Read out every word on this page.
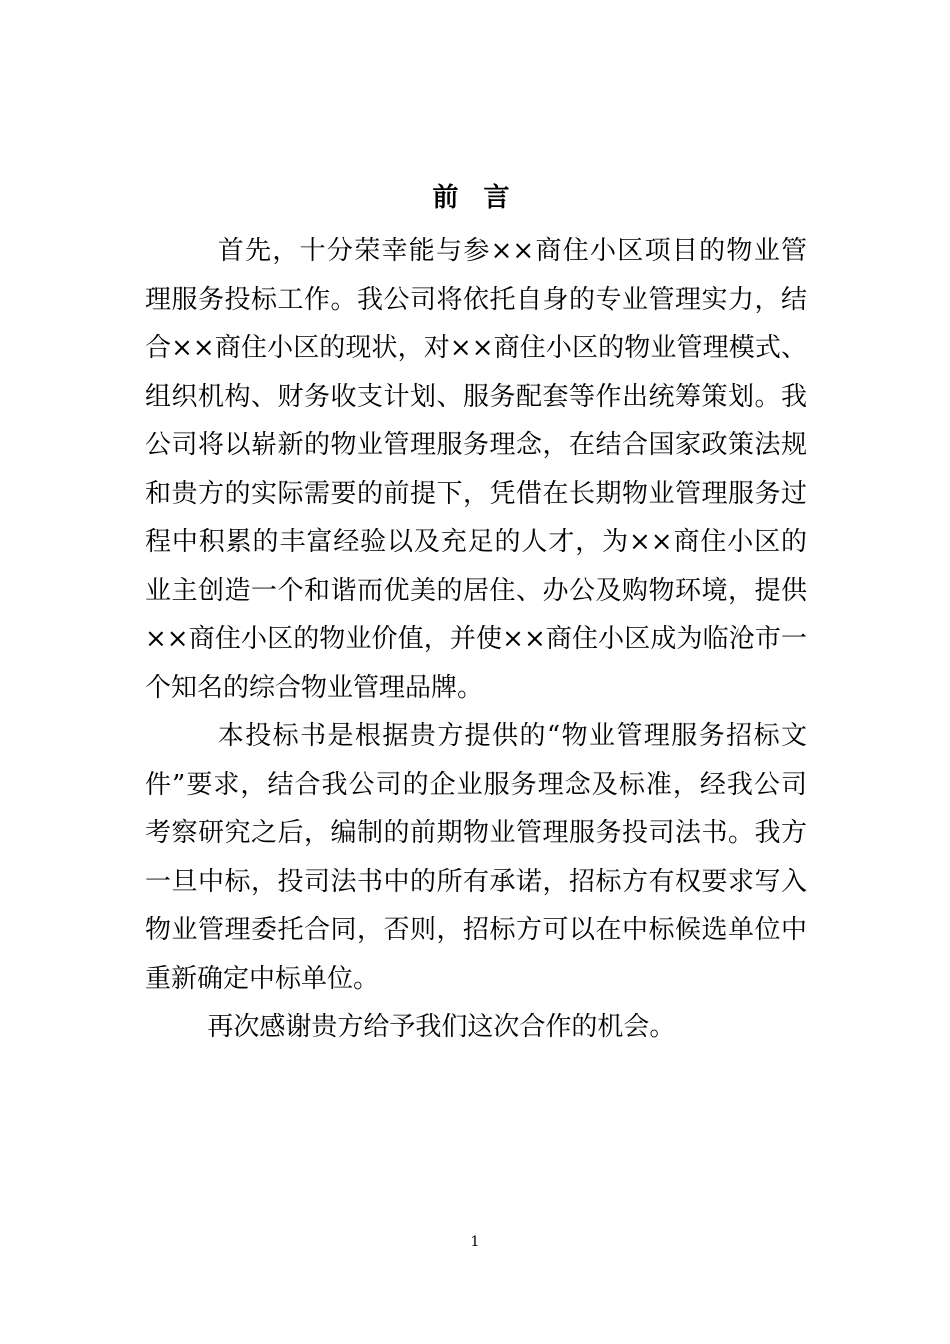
前 言

首先，十分荣幸能与参××商住小区项目的物业管理服务投标工作。我公司将依托自身的专业管理实力，结合××商住小区的现状，对××商住小区的物业管理模式、组织机构、财务收支计划、服务配套等作出统筹策划。我公司将以崭新的物业管理服务理念，在结合国家政策法规和贵方的实际需要的前提下，凭借在长期物业管理服务过程中积累的丰富经验以及充足的人才，为××商住小区的业主创造一个和谐而优美的居住、办公及购物环境，提供××商住小区的物业价值，并使××商住小区成为临沧市一个知名的综合物业管理品牌。

本投标书是根据贵方提供的“物业管理服务招标文件”要求，结合我公司的企业服务理念及标准，经我公司考察研究之后，编制的前期物业管理服务投司法书。我方一旦中标，投司法书中的所有承诺，招标方有权要求写入物业管理委托合同，否则，招标方可以在中标候选单位中重新确定中标单位。

再次感谢贵方给予我们这次合作的机会。

1
